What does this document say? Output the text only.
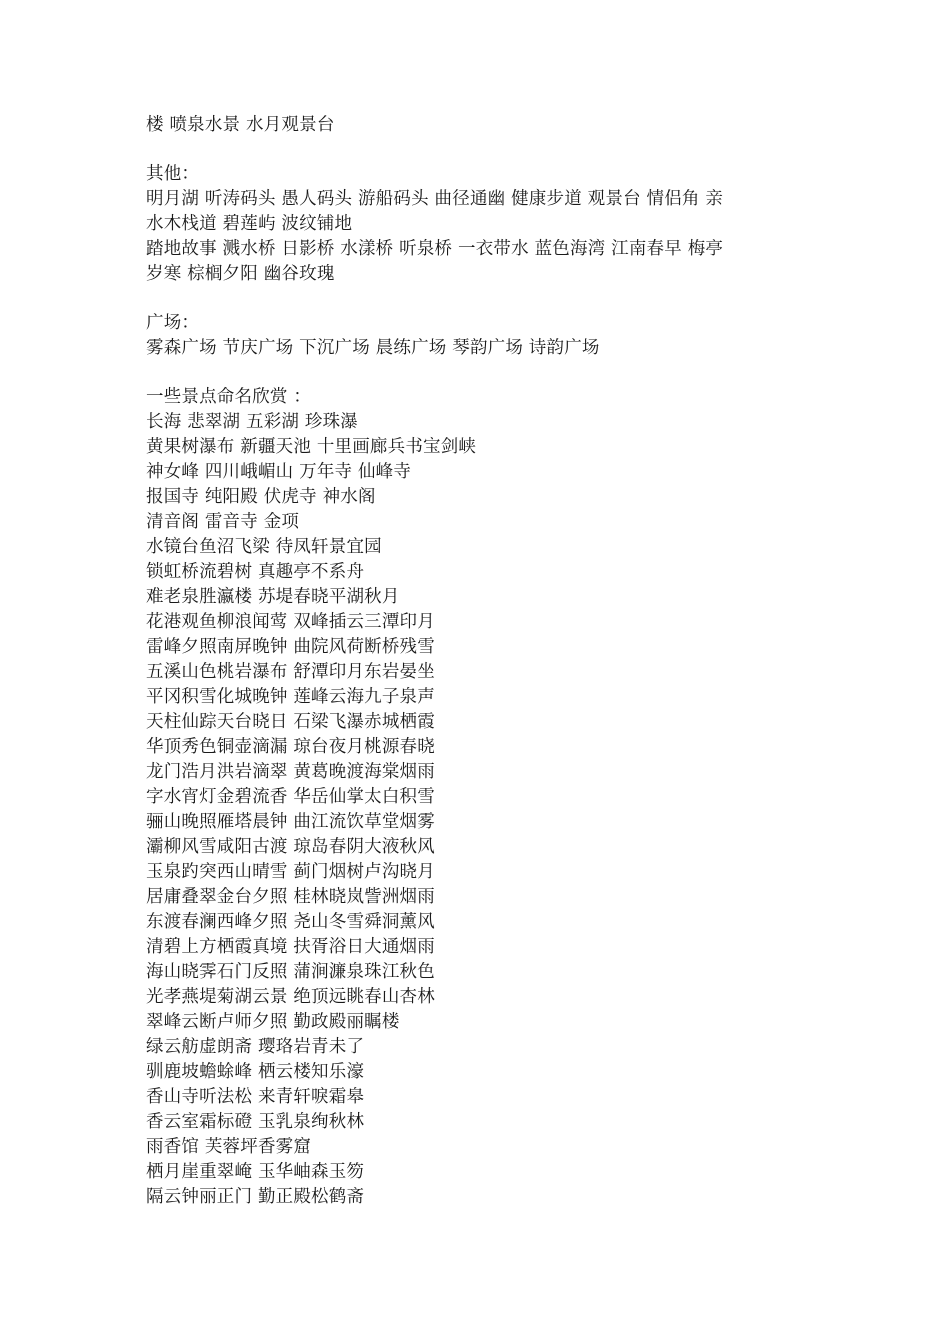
楼 喷泉水景 水月观景台
其他：
明月湖 听涛码头 愚人码头 游船码头 曲径通幽 健康步道 观景台 情侣角 亲
水木栈道 碧莲屿 波纹铺地
踏地故事 溅水桥 日影桥 水漾桥 听泉桥 一衣带水 蓝色海湾 江南春早 梅亭
岁寒 棕榈夕阳 幽谷玫瑰
广场：
雾森广场 节庆广场 下沉广场 晨练广场 琴韵广场 诗韵广场
一些景点命名欣赏 ：
长海 悲翠湖 五彩湖 珍珠瀑
黄果树瀑布 新疆天池 十里画廊兵书宝剑峡
神女峰 四川峨嵋山 万年寺 仙峰寺
报国寺 纯阳殿 伏虎寺 神水阁
清音阁 雷音寺 金项
水镜台鱼沼飞梁 待凤轩景宜园
锁虹桥流碧树 真趣亭不系舟
难老泉胜瀛楼 苏堤春晓平湖秋月
花港观鱼柳浪闻莺 双峰插云三潭印月
雷峰夕照南屏晚钟 曲院风荷断桥残雪
五溪山色桃岩瀑布 舒潭印月东岩晏坐
平冈积雪化城晚钟 莲峰云海九子泉声
天柱仙踪天台晓日 石梁飞瀑赤城栖霞
华顶秀色铜壶滴漏 琼台夜月桃源春晓
龙门浩月洪岩滴翠 黄葛晚渡海棠烟雨
字水宵灯金碧流香 华岳仙掌太白积雪
骊山晚照雁塔晨钟 曲江流饮草堂烟雾
灞柳风雪咸阳古渡 琼岛春阴大液秋风
玉泉趵突西山晴雪 蓟门烟树卢沟晓月
居庸叠翠金台夕照 桂林晓岚訾洲烟雨
东渡春澜西峰夕照 尧山冬雪舜洞薰风
清碧上方栖霞真境 扶胥浴日大通烟雨
海山晓霁石门反照 蒲涧濂泉珠江秋色
光孝燕堤菊湖云景 绝顶远眺春山杏林
翠峰云断卢师夕照 勤政殿丽瞩楼
绿云舫虚朗斋 璎珞岩青未了
驯鹿坡蟾蜍峰 栖云楼知乐濠
香山寺听法松 来青轩唳霜皋
香云室霜标磴 玉乳泉绚秋林
雨香馆 芙蓉坪香雾窟
栖月崖重翠崦 玉华岫森玉笏
隔云钟丽正门 勤正殿松鹤斋
